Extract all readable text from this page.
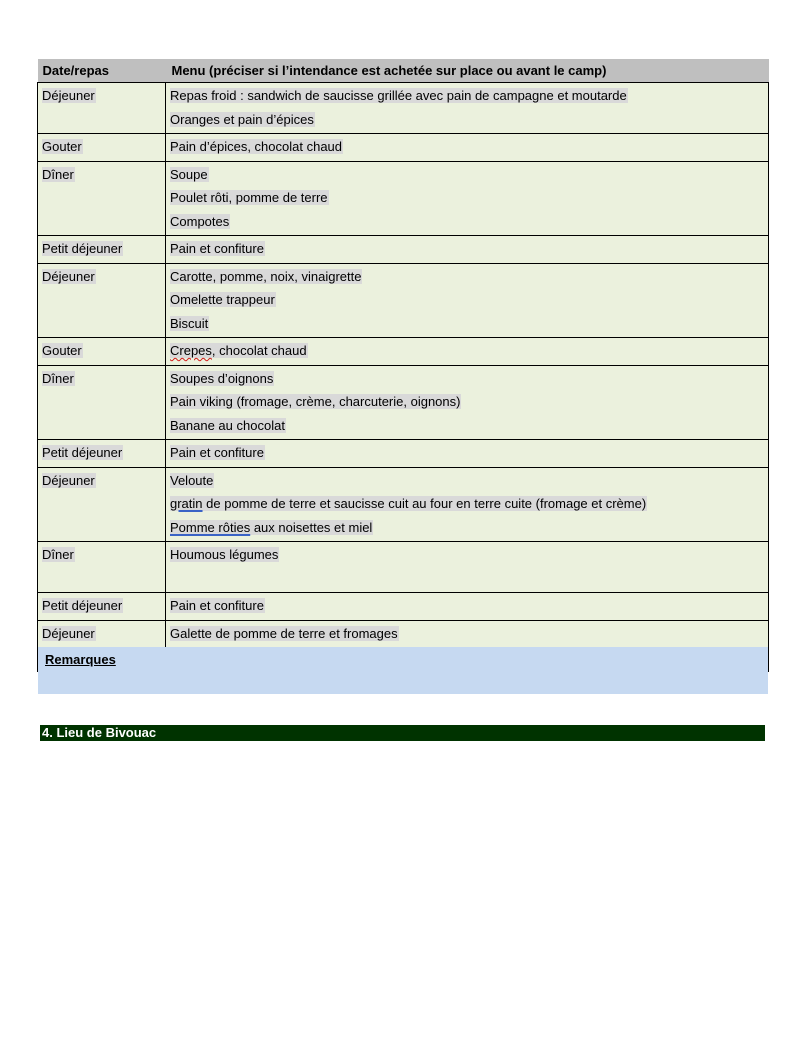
Date/repas	Menu (préciser si l’intendance est achetée sur place ou avant le camp)

Déjeuner	Repas froid : sandwich de saucisse grillée avec pain de campagne et moutarde
Oranges et pain d’épices

Gouter	Pain d’épices, chocolat chaud

Dîner	Soupe
Poulet rôti, pomme de terre
Compotes

Petit déjeuner	Pain et confiture

Déjeuner	Carotte, pomme, noix, vinaigrette
Omelette trappeur
Biscuit

Gouter	Crepes, chocolat chaud

Dîner	Soupes d’oignons
Pain viking (fromage, crème, charcuterie, oignons)
Banane au chocolat

Petit déjeuner	Pain et confiture

Déjeuner	Veloute
gratin de pomme de terre et saucisse cuit au four en terre cuite (fromage et crème)
Pomme rôties aux noisettes et miel

Dîner	Houmous légumes

Petit déjeuner	Pain et confiture

Déjeuner	Galette de pomme de terre et fromages
Remarques
4. Lieu de Bivouac
